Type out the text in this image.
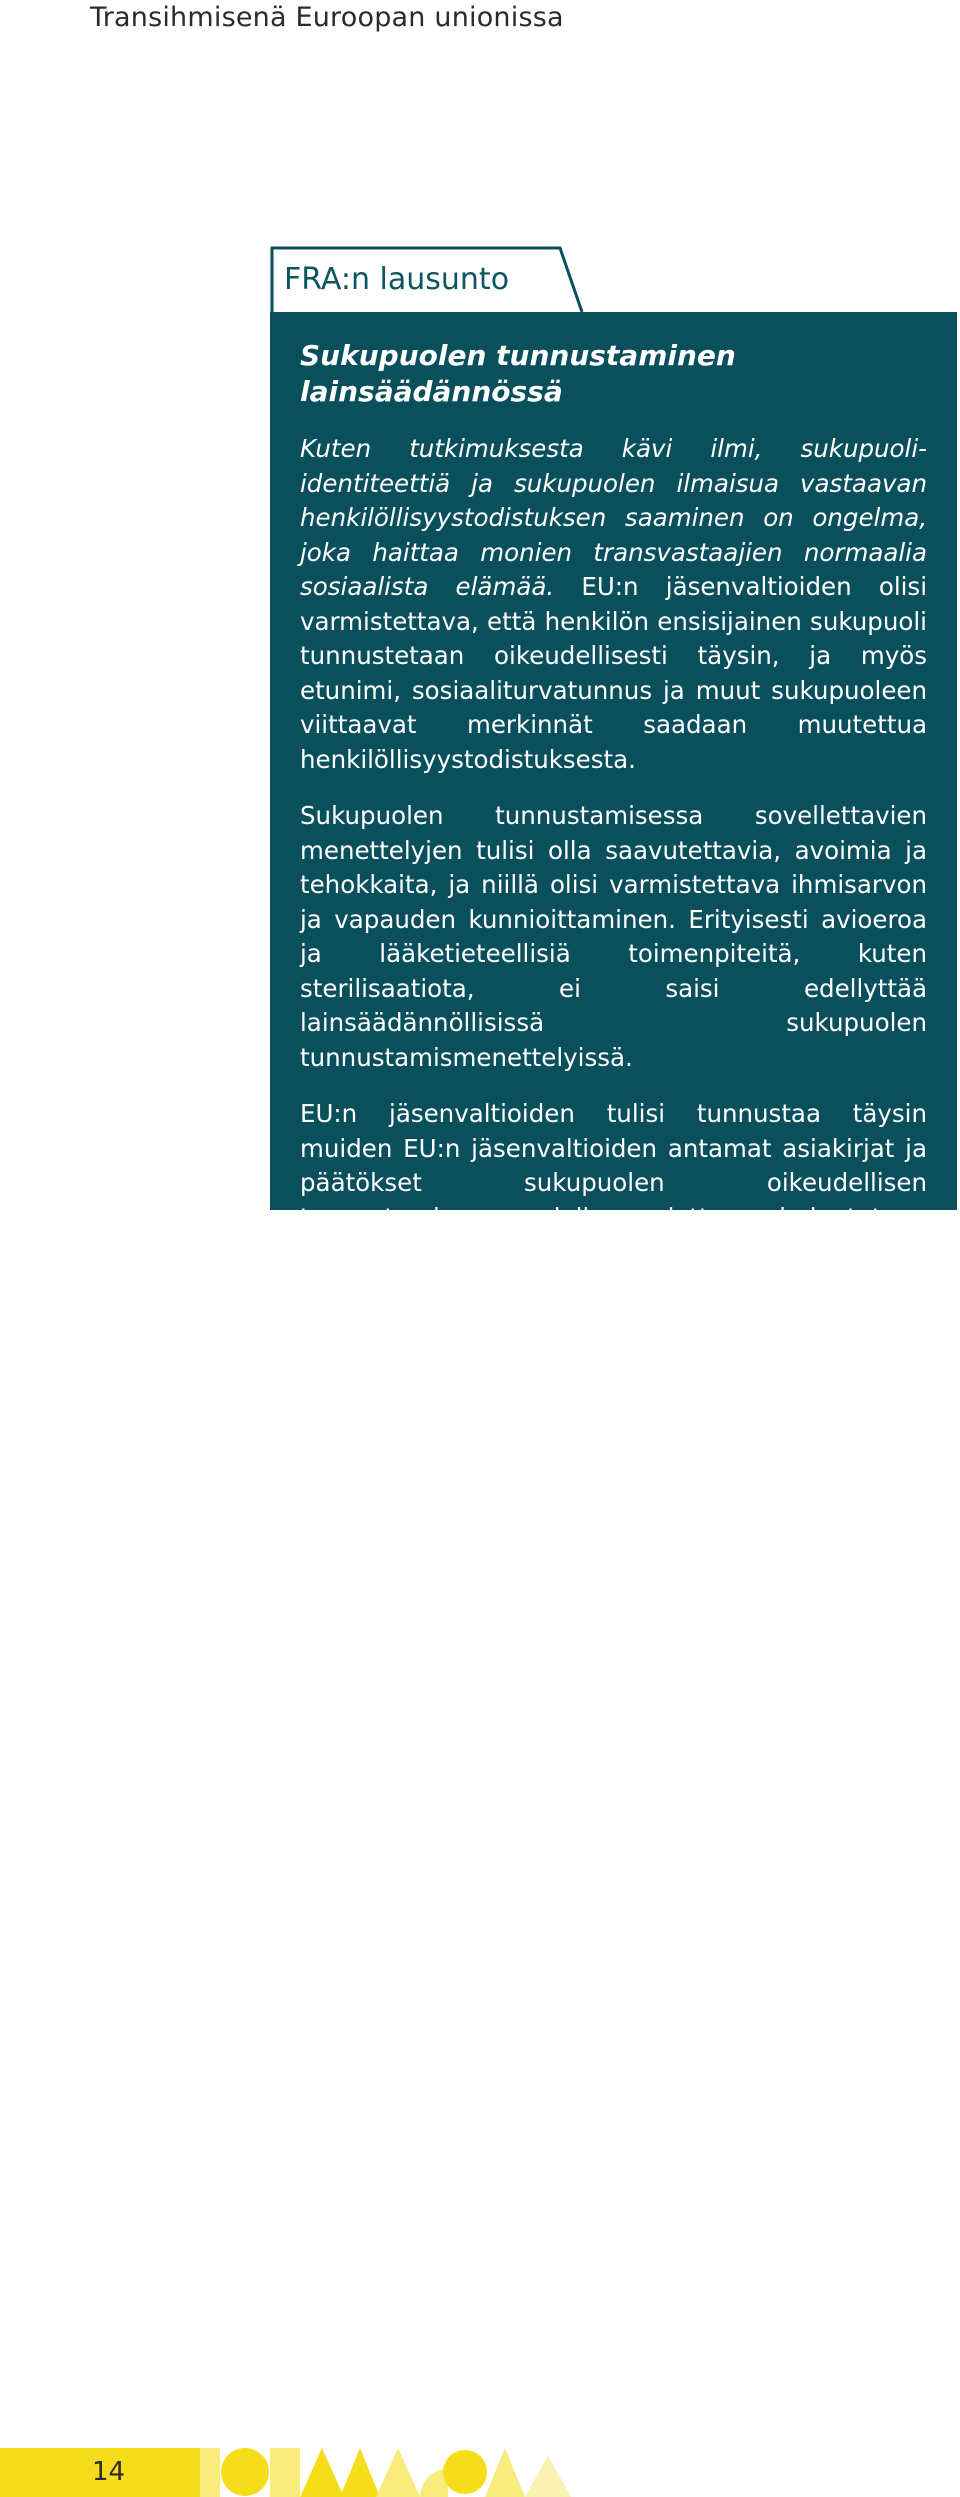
Transihmisenä Euroopan unionissa
FRA:n lausunto
Sukupuolen tunnustaminen lainsäädännössä

Kuten tutkimuksesta kävi ilmi, sukupuoli-identiteettiä ja sukupuolen ilmaisua vastaavan henkilöllisyystodistuksen saaminen on ongelma, joka haittaa monien transvastaajien normaalia sosiaalista elämää. EU:n jäsenvaltioiden olisi varmistettava, että henkilön ensisijainen sukupuoli tunnustetaan oikeudellisesti täysin, ja myös etunimi, sosiaaliturvatunnus ja muut sukupuoleen viittaavat merkinnät saadaan muutettua henkilöllisyystodistuksesta.

Sukupuolen tunnustamisessa sovellettavien menettelyjen tulisi olla saavutettavia, avoimia ja tehokkaita, ja niillä olisi varmistettava ihmisarvon ja vapauden kunnioittaminen. Erityisesti avioeroa ja lääketieteellisiä toimenpiteitä, kuten sterilisaatiota, ei saisi edellyttää lainsäädännöllisissä sukupuolen tunnustamismenettelyissä.

EU:n jäsenvaltioiden tulisi tunnustaa täysin muiden EU:n jäsenvaltioiden antamat asiakirjat ja päätökset sukupuolen oikeudellisen tunnustamisen alalla, jotta helpotetaan transihmisten mahdollisuutta käyttää oikeuttaan vapaaseen liikkuvuuteen EU:n alueella.

14
